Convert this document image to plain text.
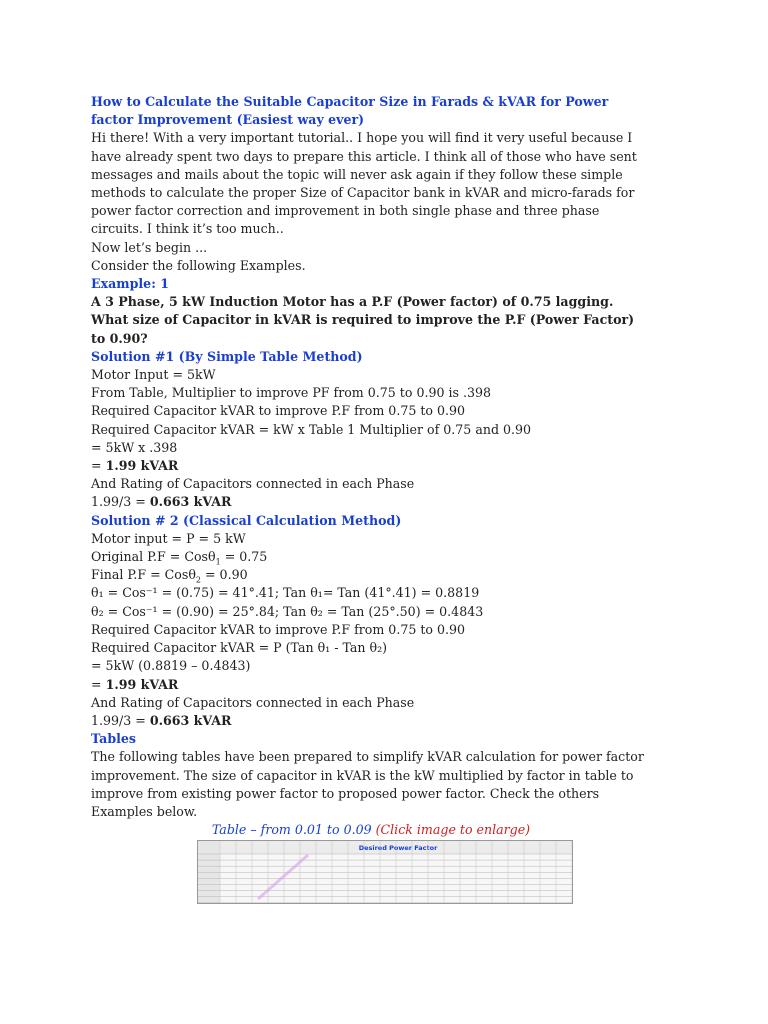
How to Calculate the Suitable Capacitor Size in Farads & kVAR for Power factor Improvement (Easiest way ever)

Hi there! With a very important tutorial.. I hope you will find it very useful because I have already spent two days to prepare this article. I think all of those who have sent messages and mails about the topic will never ask again if they follow these simple methods to calculate the proper Size of Capacitor bank in kVAR and micro-farads for power factor correction and improvement in both single phase and three phase circuits. I think it’s too much..

Now let’s begin ...

Consider the following Examples.

Example: 1

A 3 Phase, 5 kW Induction Motor has a P.F (Power factor) of 0.75 lagging. What size of Capacitor in kVAR is required to improve the P.F (Power Factor) to 0.90?

Solution #1 (By Simple Table Method)

Motor Input = 5kW

From Table, Multiplier to improve PF from 0.75 to 0.90 is .398

Required Capacitor kVAR to improve P.F from 0.75 to 0.90

Required Capacitor kVAR = kW x Table 1 Multiplier of 0.75 and 0.90

= 5kW x .398

= 1.99 kVAR

And Rating of Capacitors connected in each Phase

1.99/3 = 0.663 kVAR

Solution # 2 (Classical Calculation Method)

Motor input = P = 5 kW

Original P.F = Cosθ$_1$ = 0.75

Final P.F = Cosθ$_2$ = 0.90

θ₁ = Cos⁻¹ = (0.75) = 41°.41; Tan θ₁= Tan (41°.41) = 0.8819

θ₂ = Cos⁻¹ = (0.90) = 25°.84; Tan θ₂ = Tan (25°.50) = 0.4843

Required Capacitor kVAR to improve P.F from 0.75 to 0.90

Required Capacitor kVAR = P (Tan θ₁ - Tan θ₂)

= 5kW (0.8819 – 0.4843)

= 1.99 kVAR

And Rating of Capacitors connected in each Phase

1.99/3 = 0.663 kVAR

Tables

The following tables have been prepared to simplify kVAR calculation for power factor improvement. The size of capacitor in kVAR is the kW multiplied by factor in table to improve from existing power factor to proposed power factor. Check the others Examples below.

Table – from 0.01 to 0.09 (Click image to enlarge)

Desired Power Factor
